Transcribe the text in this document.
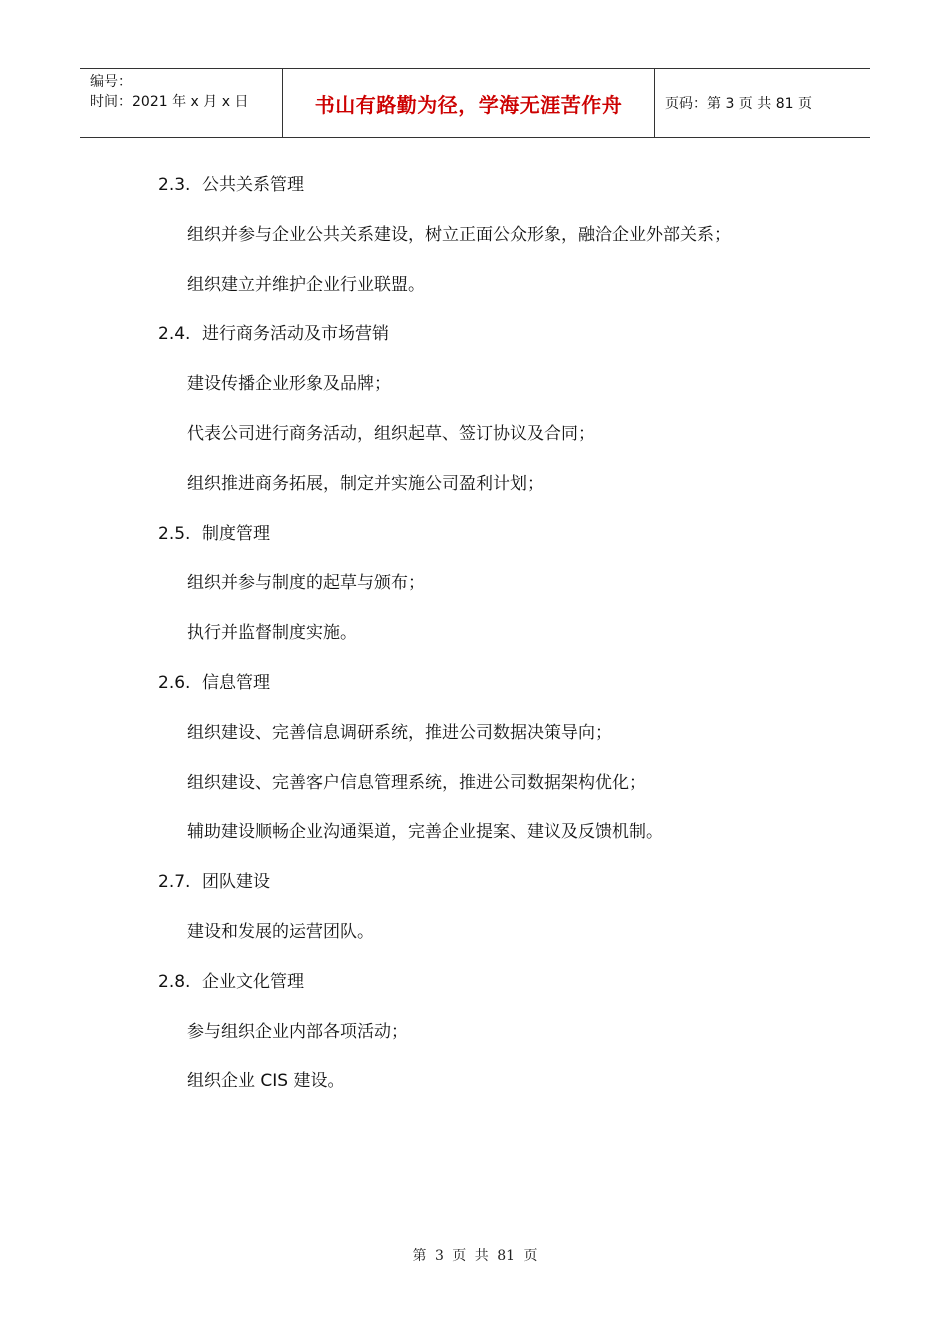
编号：
时间：2021 年 x 月 x 日	书山有路勤为径，学海无涯苦作舟	页码：第 3 页 共 81 页
2.3. 公共关系管理
组织并参与企业公共关系建设，树立正面公众形象，融洽企业外部关系；
组织建立并维护企业行业联盟。
2.4. 进行商务活动及市场营销
建设传播企业形象及品牌；
代表公司进行商务活动，组织起草、签订协议及合同；
组织推进商务拓展，制定并实施公司盈利计划；
2.5. 制度管理
组织并参与制度的起草与颁布；
执行并监督制度实施。
2.6. 信息管理
组织建设、完善信息调研系统，推进公司数据决策导向；
组织建设、完善客户信息管理系统，推进公司数据架构优化；
辅助建设顺畅企业沟通渠道，完善企业提案、建议及反馈机制。
2.7. 团队建设
建设和发展的运营团队。
2.8. 企业文化管理
参与组织企业内部各项活动；
组织企业 CIS 建设。
第 3 页 共 81 页
